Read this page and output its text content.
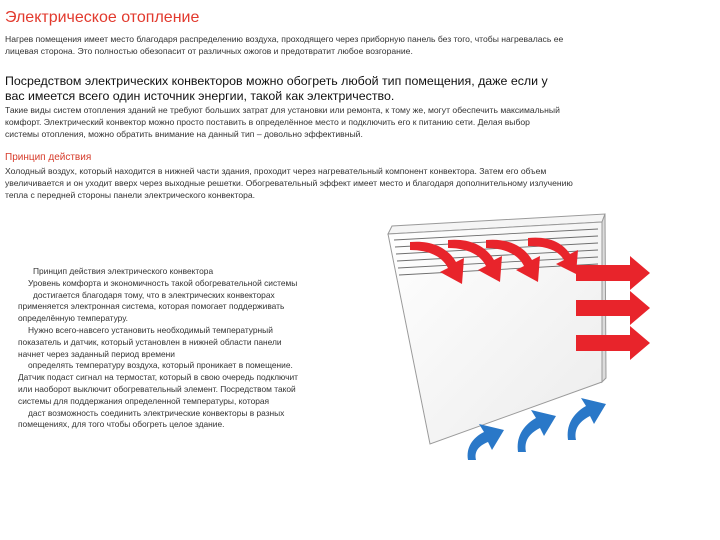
Электрическое отопление
Нагрев помещения имеет место благодаря распределению воздуха, проходящего через приборную панель без того, чтобы нагревалась ее лицевая сторона. Это полностью обезопасит от различных ожогов и предотвратит любое возгорание.
Посредством электрических конвекторов можно обогреть любой тип помещения, даже если у вас имеется всего один источник энергии, такой как электричество.
Такие виды систем отопления зданий не требуют больших затрат для установки или ремонта, к тому же, могут обеспечить максимальный комфорт. Электрический конвектор можно просто поставить в определённое место и подключить его к питанию сети. Делая выбор системы отопления, можно обратить внимание на данный тип – довольно эффективный.
Принцип действия
Холодный воздух, который находится в нижней части здания, проходит через нагревательный компонент конвектора. Затем его объем увеличивается и он уходит вверх через выходные решетки. Обогревательный эффект имеет место и благодаря дополнительному излучению тепла с передней стороны панели электрического конвектора.
Принцип действия электрического конвектора
Уровень комфорта и экономичность такой обогревательной системы
достигается благодаря тому, что в электрических конвекторах
применяется электронная система, которая помогает поддерживать
определённую температуру.
Нужно всего-навсего установить необходимый температурный
показатель и датчик, который установлен в нижней области панели
начнет через заданный период времени
определять температуру воздуха, который проникает в помещение.
Датчик подаст сигнал на термостат, который в свою очередь подключит
или наоборот выключит обогревательный элемент. Посредством такой
системы для поддержания определенной температуры, которая
даст возможность соединить электрические конвекторы в разных
помещениях, для того чтобы обогреть целое здание.
